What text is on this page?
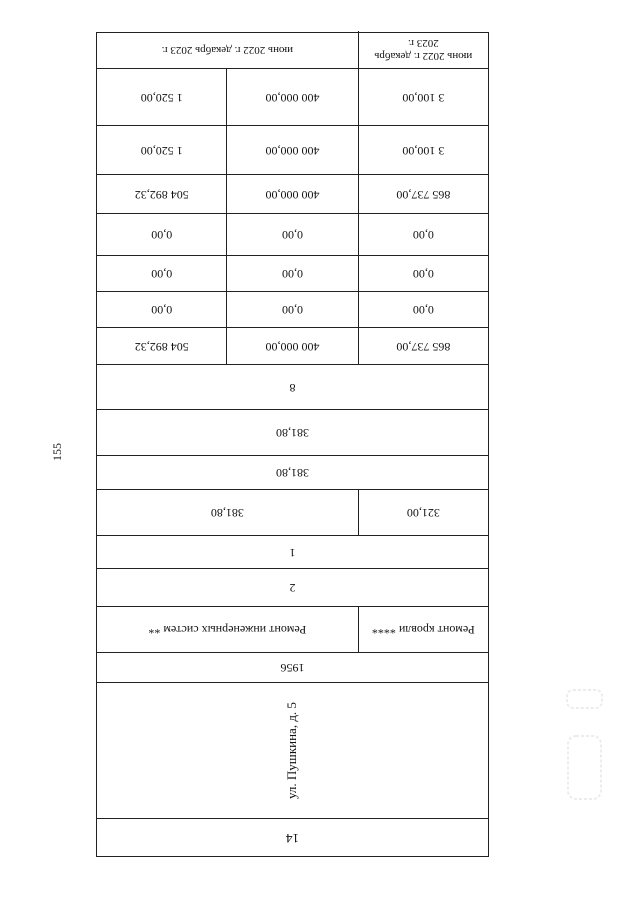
155
14
ул. Пушкина, д. 5
1956
Ремонт кровли ****
Ремонт инженерных систем **
2
1
321,00
381,80
381,80
381,80
8
865 737,00
400 000,00
504 892,32
0,00
0,00
0,00
0,00
0,00
0,00
0,00
0,00
0,00
865 737,00
400 000,00
504 892,32
3 100,00
400 000,00
1 520,00
3 100,00
400 000,00
1 520,00
июнь 2022 г. декабрь 2023 г.
июнь 2022 г. декабрь 2023 г.
